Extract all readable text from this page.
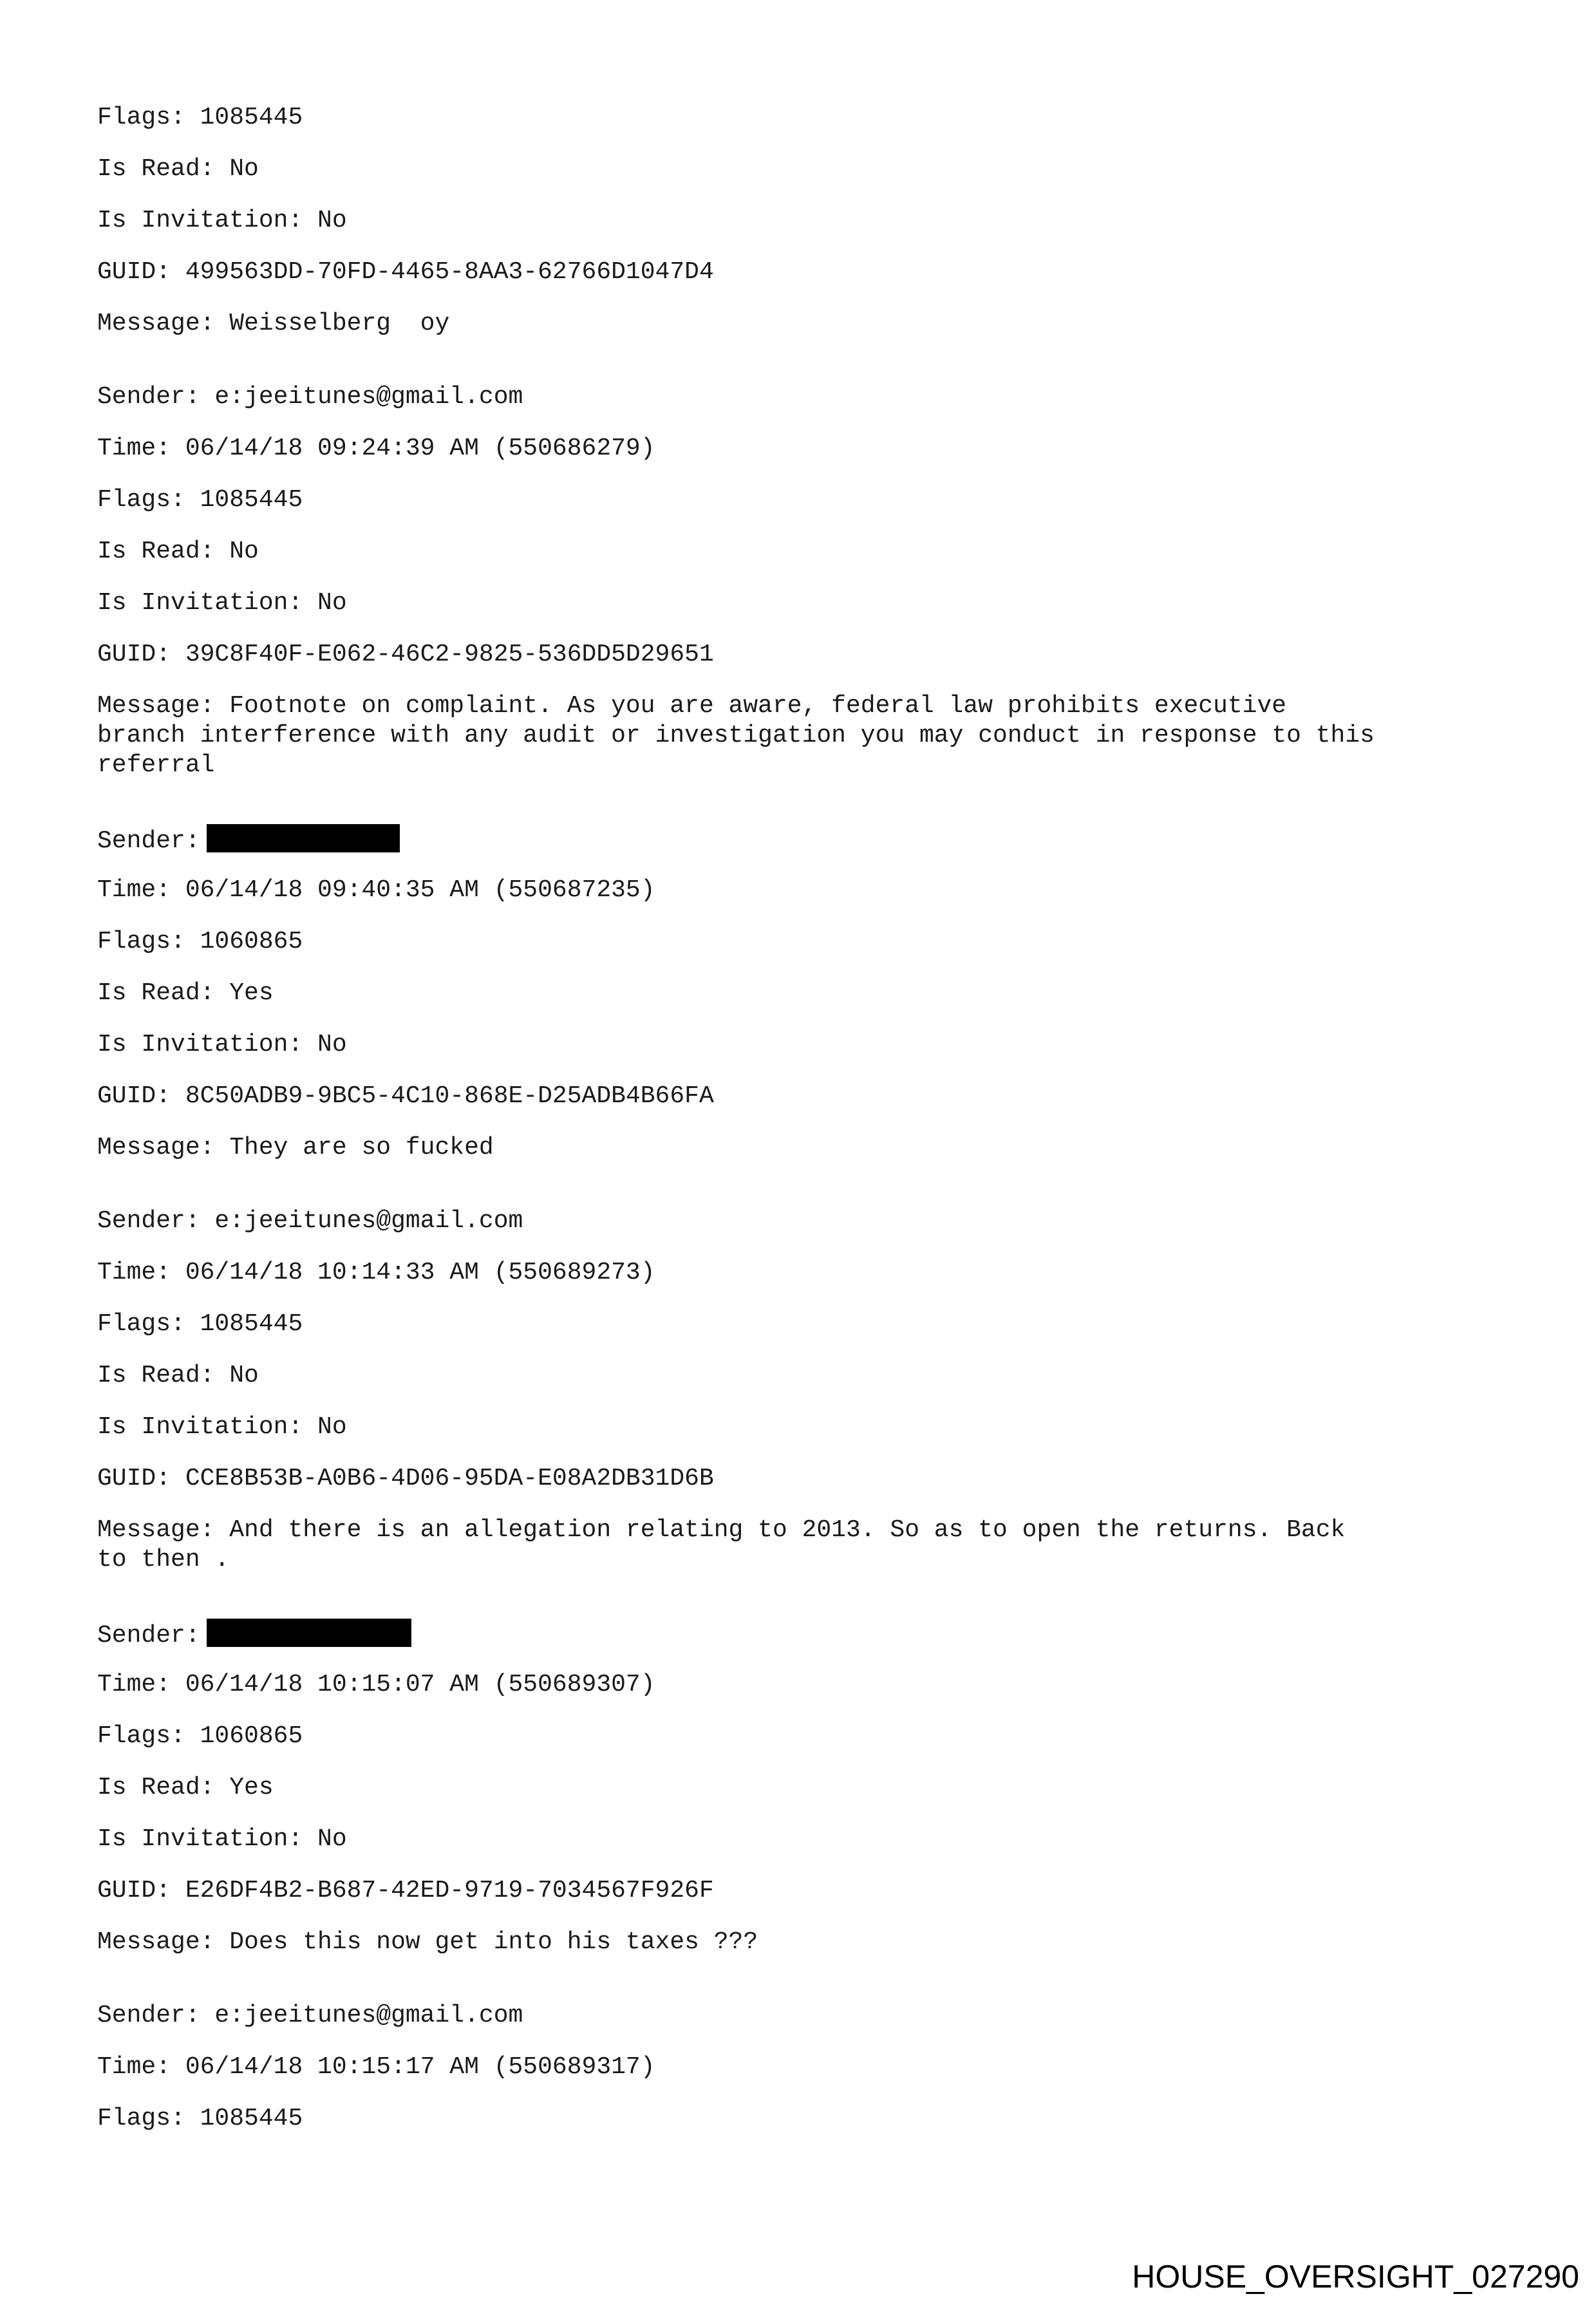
Flags: 1085445
Is Read: No
Is Invitation: No
GUID: 499563DD-70FD-4465-8AA3-62766D1047D4
Message: Weisselberg  oy
Sender: e:jeeitunes@gmail.com
Time: 06/14/18 09:24:39 AM (550686279)
Flags: 1085445
Is Read: No
Is Invitation: No
GUID: 39C8F40F-E062-46C2-9825-536DD5D29651
Message: Footnote on complaint. As you are aware, federal law prohibits executive
branch interference with any audit or investigation you may conduct in response to this
referral
Sender:
Time: 06/14/18 09:40:35 AM (550687235)
Flags: 1060865
Is Read: Yes
Is Invitation: No
GUID: 8C50ADB9-9BC5-4C10-868E-D25ADB4B66FA
Message: They are so fucked
Sender: e:jeeitunes@gmail.com
Time: 06/14/18 10:14:33 AM (550689273)
Flags: 1085445
Is Read: No
Is Invitation: No
GUID: CCE8B53B-A0B6-4D06-95DA-E08A2DB31D6B
Message: And there is an allegation relating to 2013. So as to open the returns. Back
to then .
Sender:
Time: 06/14/18 10:15:07 AM (550689307)
Flags: 1060865
Is Read: Yes
Is Invitation: No
GUID: E26DF4B2-B687-42ED-9719-7034567F926F
Message: Does this now get into his taxes ???
Sender: e:jeeitunes@gmail.com
Time: 06/14/18 10:15:17 AM (550689317)
Flags: 1085445
HOUSE_OVERSIGHT_027290
